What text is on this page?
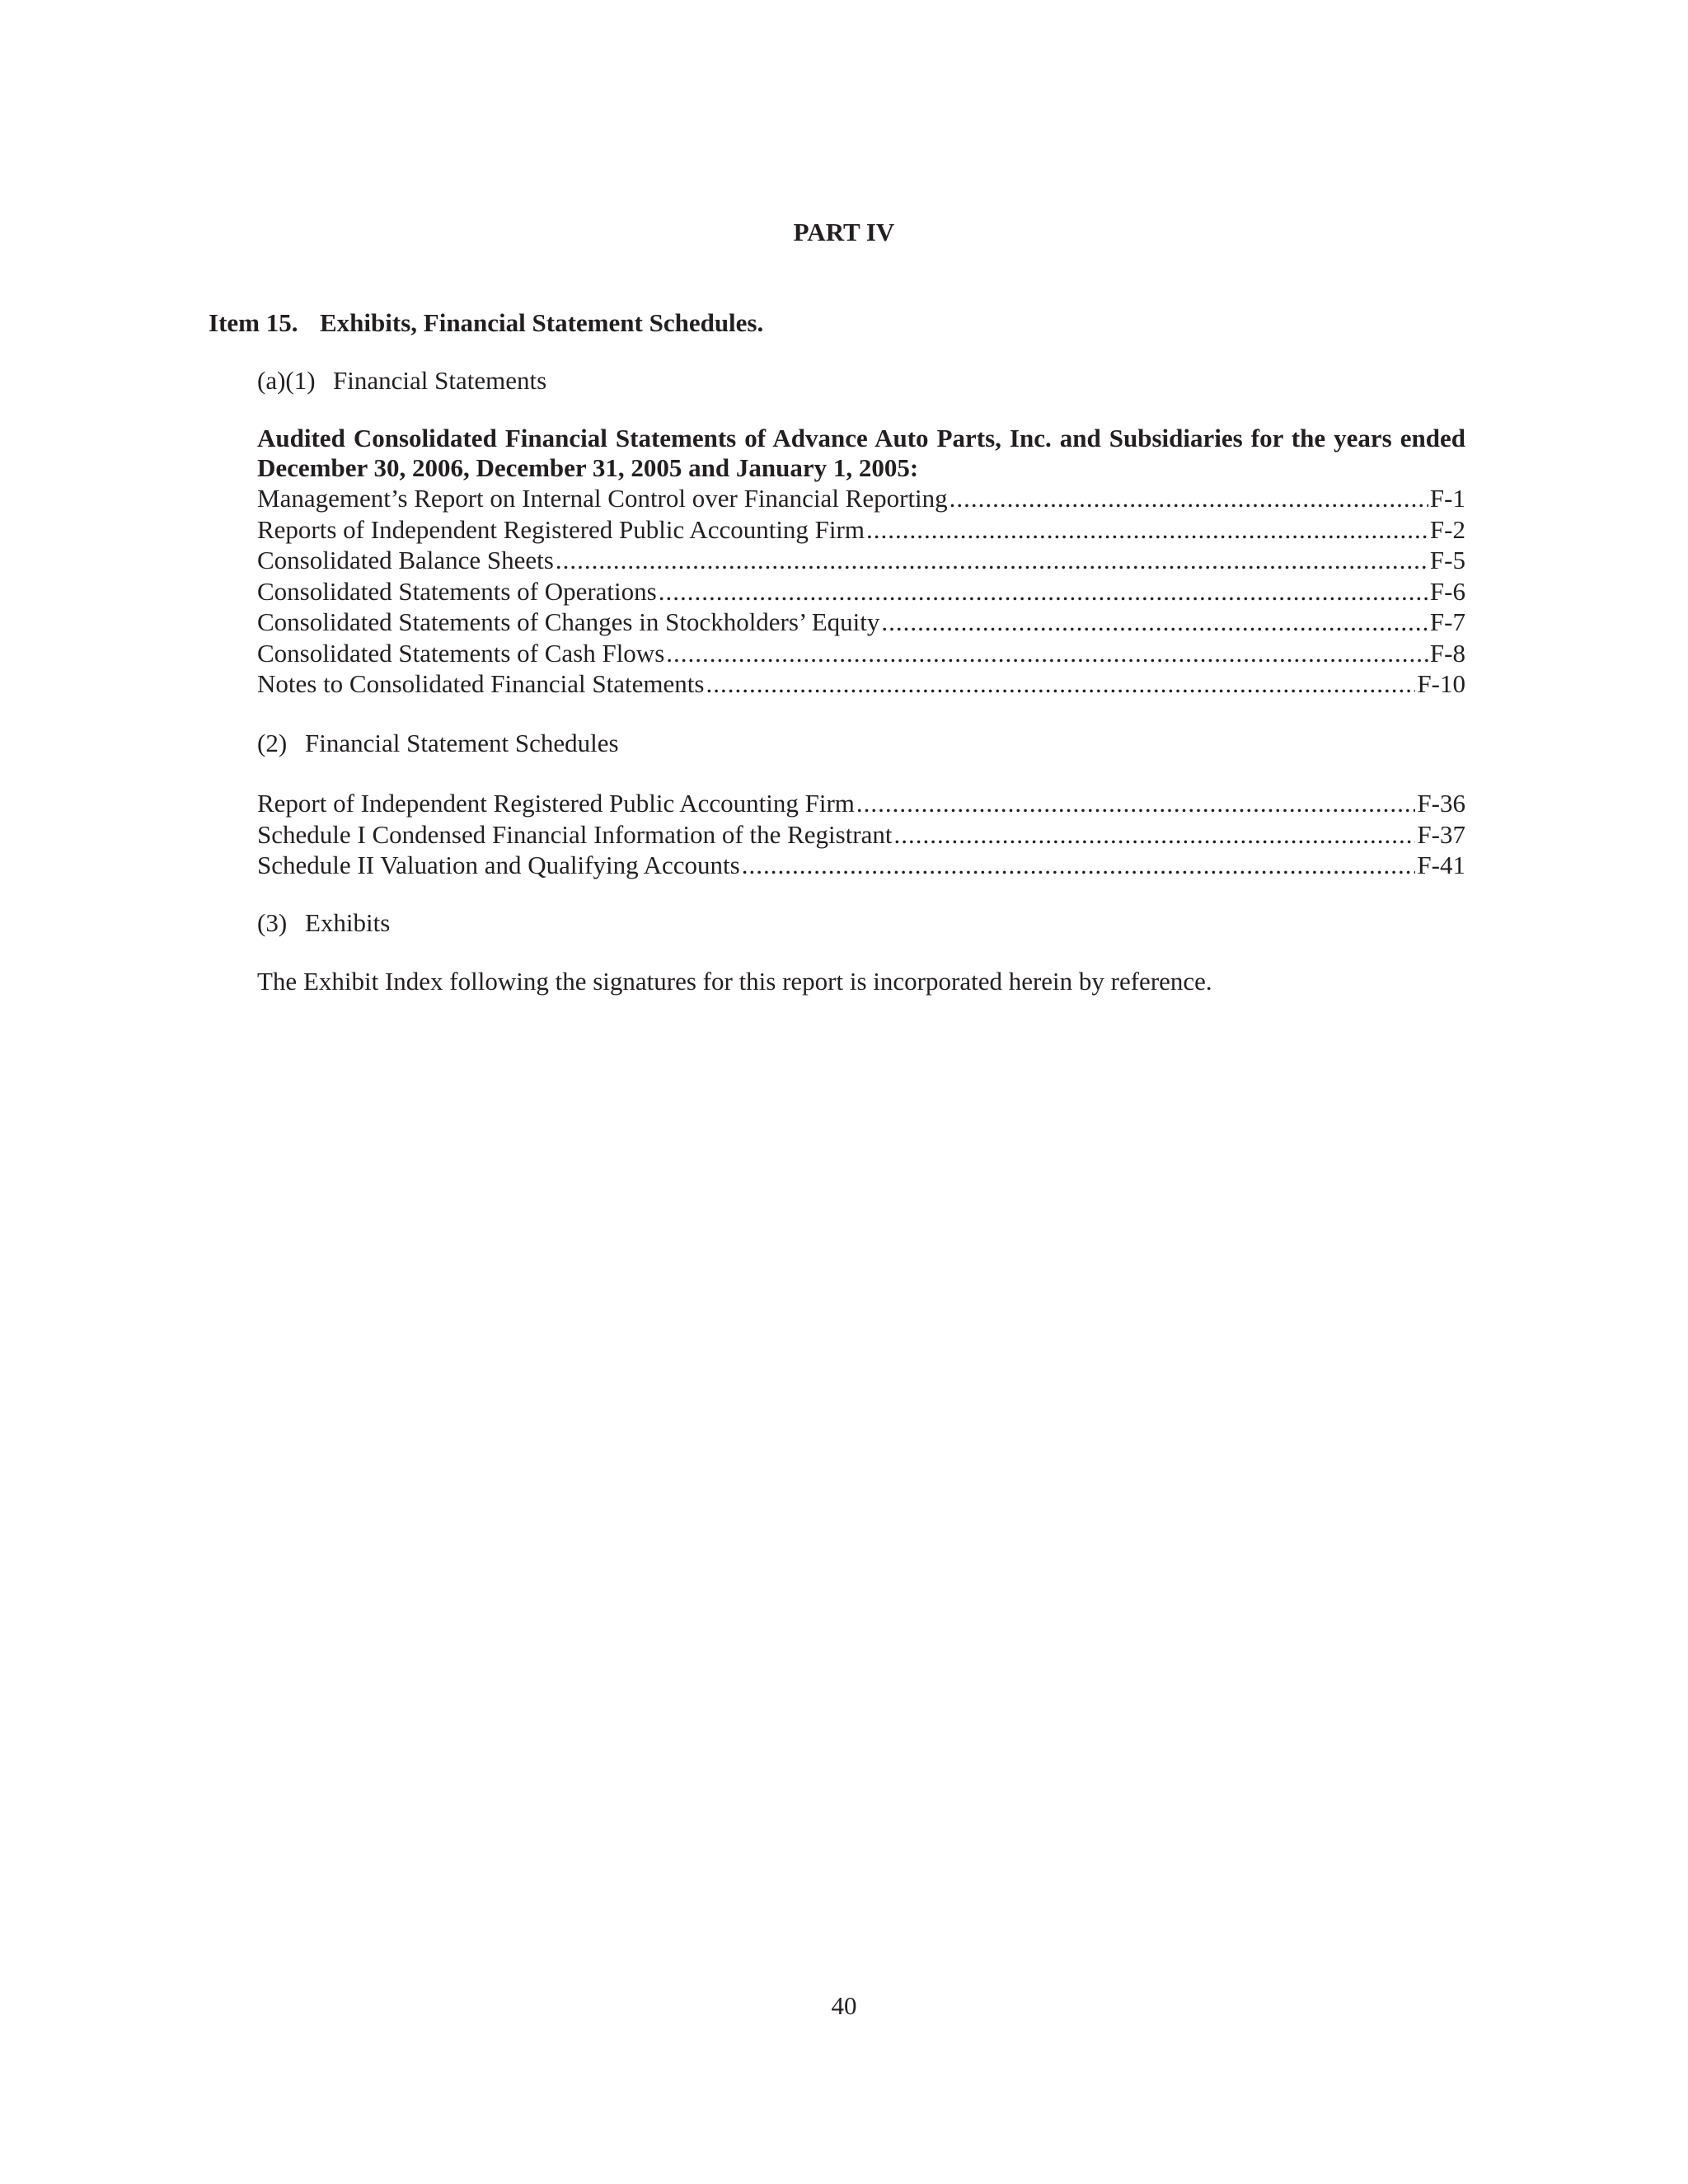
PART IV
Item 15. Exhibits, Financial Statement Schedules.
(a)(1) Financial Statements
Audited Consolidated Financial Statements of Advance Auto Parts, Inc. and Subsidiaries for the years ended December 30, 2006, December 31, 2005 and January 1, 2005:
Management’s Report on Internal Control over Financial Reporting .....	F-1
Reports of Independent Registered Public Accounting Firm .....	F-2
Consolidated Balance Sheets .....	F-5
Consolidated Statements of Operations .....	F-6
Consolidated Statements of Changes in Stockholders’ Equity .....	F-7
Consolidated Statements of Cash Flows .....	F-8
Notes to Consolidated Financial Statements .....	F-10
(2) Financial Statement Schedules
Report of Independent Registered Public Accounting Firm .....	F-36
Schedule I Condensed Financial Information of the Registrant .....	F-37
Schedule II Valuation and Qualifying Accounts .....	F-41
(3) Exhibits
The Exhibit Index following the signatures for this report is incorporated herein by reference.
40
